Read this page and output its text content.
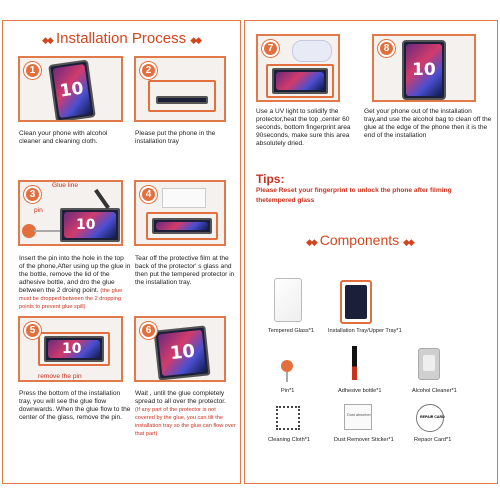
◆◆ Installation Process ◆◆
1
10
Clean your phone with alcohol cleaner and cleaning cloth.
2
Please put the phone in the installation tray
3
10
Glue line
pin
Insert the pin into the hole in the top of the phone,After using up the glue in the bottle, remove the lid of the adhesive bottle, and dro the glue between the 2 droing point. (the glue must be dropped between the 2 dropping points to prevent glue spill)
4
Tear off the protective film at the back of the protector' s glass and then put the tempered protector in the installation tray.
5
10
remove the pin
Press the bottom of the installation tray, you will see the glue flow downwards. When the glue flow to the center of the glass, remove the pin.
6
10
Wait , until the glue completely spread to all over the protector.
(If any part of the protector is not covered by the glue, you can tilt the installation tray so the glue can flow over that part)
7
Use a UV light to solidify the protector,heat the top ,center 60 seconds, bottom fingerprint area 90seconds, make sure this area absolutely dried.
8
10
Get your phone out of the installation tray,and use the alcohol bag to clean off the glue at the edge of the phone then it is the end of the installation
Tips:
Please Reset your fingerprint to unlock the phone after filming thetempered glass
◆◆ Components ◆◆
Tempered Glass*1 Installation Tray/Upper Tray*1
Pin*1	Adhesive bottle*1	Alcohol Cleaner*1
Cleaning Cloth*1
Dust absorber
Dust Remover Sticker*1
REPAIR CARD
Repaor Card*1
